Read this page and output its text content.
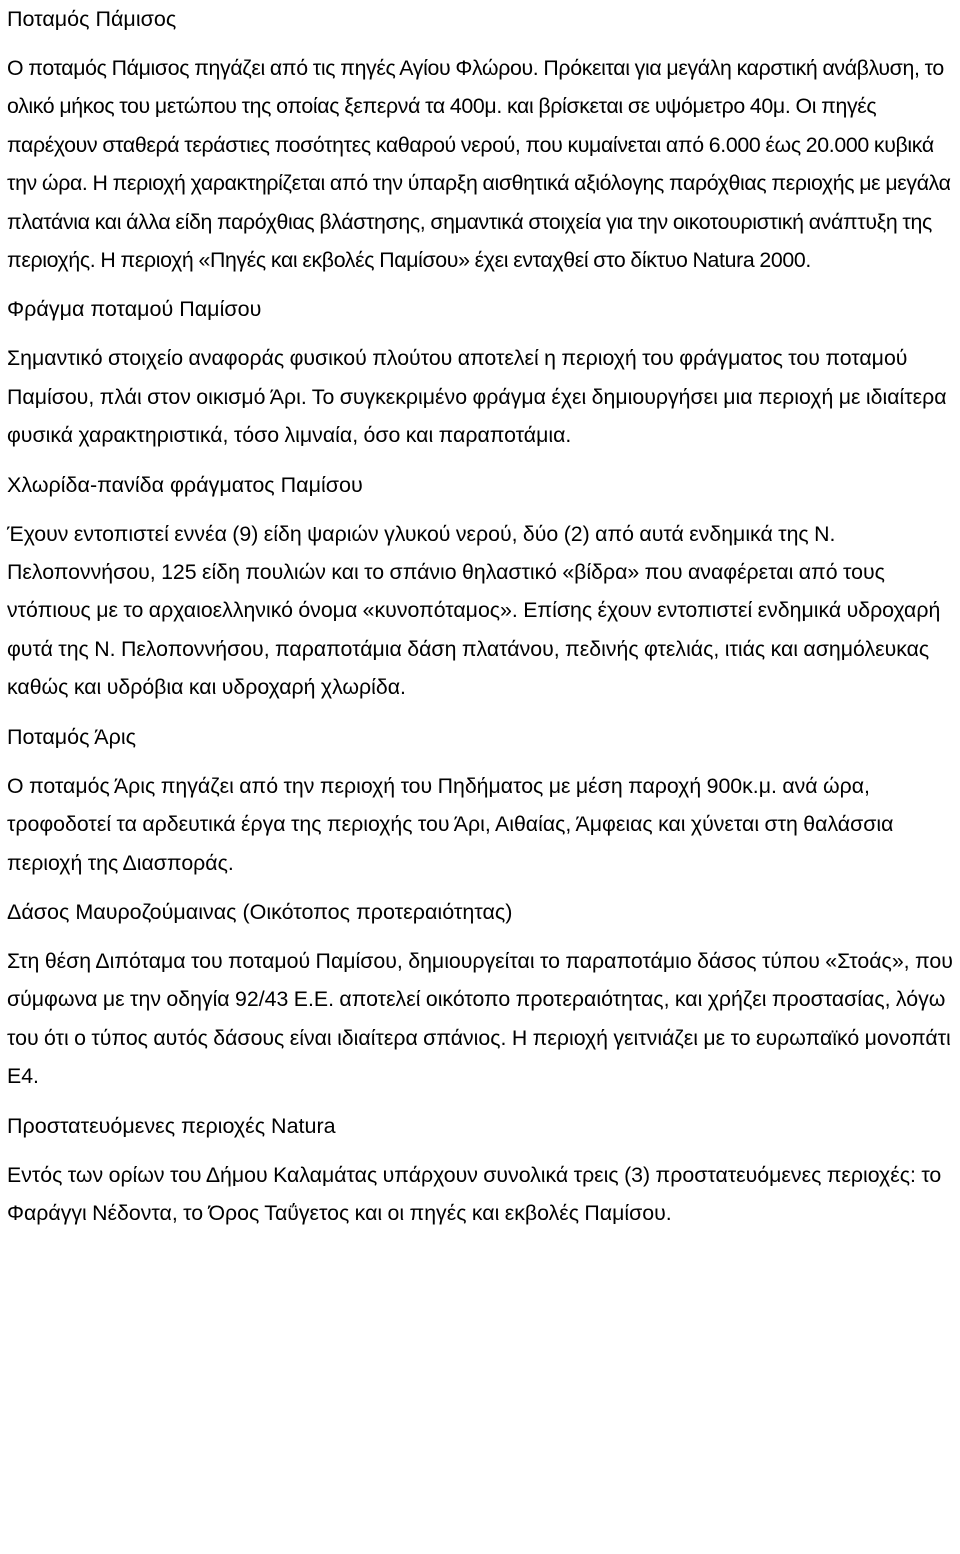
Ποταμός Πάμισος

Ο ποταμός Πάμισος πηγάζει από τις πηγές Αγίου Φλώρου. Πρόκειται για μεγάλη καρστική ανάβλυση, το ολικό μήκος του μετώπου της οποίας ξεπερνά τα 400μ. και βρίσκεται σε υψόμετρο 40μ. Οι πηγές παρέχουν σταθερά τεράστιες ποσότητες καθαρού νερού, που κυμαίνεται από 6.000 έως 20.000 κυβικά την ώρα. Η περιοχή χαρακτηρίζεται από την ύπαρξη αισθητικά αξιόλογης παρόχθιας περιοχής με μεγάλα πλατάνια και άλλα είδη παρόχθιας βλάστησης, σημαντικά στοιχεία για την οικοτουριστική ανάπτυξη της περιοχής. Η περιοχή «Πηγές και εκβολές Παμίσου» έχει ενταχθεί στο δίκτυο Natura 2000.

Φράγμα ποταμού Παμίσου

Σημαντικό στοιχείο αναφοράς φυσικού πλούτου αποτελεί η περιοχή του φράγματος του ποταμού Παμίσου, πλάι στον οικισμό Άρι. Το συγκεκριμένο φράγμα έχει δημιουργήσει μια περιοχή με ιδιαίτερα φυσικά χαρακτηριστικά, τόσο λιμναία, όσο και παραποτάμια.

Χλωρίδα-πανίδα φράγματος Παμίσου

Έχουν εντοπιστεί εννέα (9) είδη ψαριών γλυκού νερού, δύο (2) από αυτά ενδημικά της Ν. Πελοποννήσου, 125 είδη πουλιών και το σπάνιο θηλαστικό «βίδρα» που αναφέρεται από τους ντόπιους με το αρχαιοελληνικό όνομα «κυνοπόταμος». Επίσης έχουν εντοπιστεί ενδημικά υδροχαρή φυτά της Ν. Πελοποννήσου, παραποτάμια δάση πλατάνου, πεδινής φτελιάς, ιτιάς και ασημόλευκας καθώς και υδρόβια και υδροχαρή χλωρίδα.

Ποταμός Άρις

Ο ποταμός Άρις πηγάζει από την περιοχή του Πηδήματος με μέση παροχή 900κ.μ. ανά ώρα, τροφοδοτεί τα αρδευτικά έργα της περιοχής του Άρι, Αιθαίας, Άμφειας και χύνεται στη θαλάσσια περιοχή της Διασποράς.

Δάσος Μαυροζούμαινας (Οικότοπος προτεραιότητας)

Στη θέση Διπόταμα του ποταμού Παμίσου, δημιουργείται το παραποτάμιο δάσος τύπου «Στοάς», που σύμφωνα με την οδηγία 92/43 Ε.Ε. αποτελεί οικότοπο προτεραιότητας, και χρήζει προστασίας, λόγω του ότι ο τύπος αυτός δάσους είναι ιδιαίτερα σπάνιος. Η περιοχή γειτνιάζει με το ευρωπαϊκό μονοπάτι Ε4.

Προστατευόμενες περιοχές Natura

Εντός των ορίων του Δήμου Καλαμάτας υπάρχουν συνολικά τρεις (3) προστατευόμενες περιοχές: το Φαράγγι Νέδοντα, το Όρος Ταΰγετος και οι πηγές και εκβολές Παμίσου.
